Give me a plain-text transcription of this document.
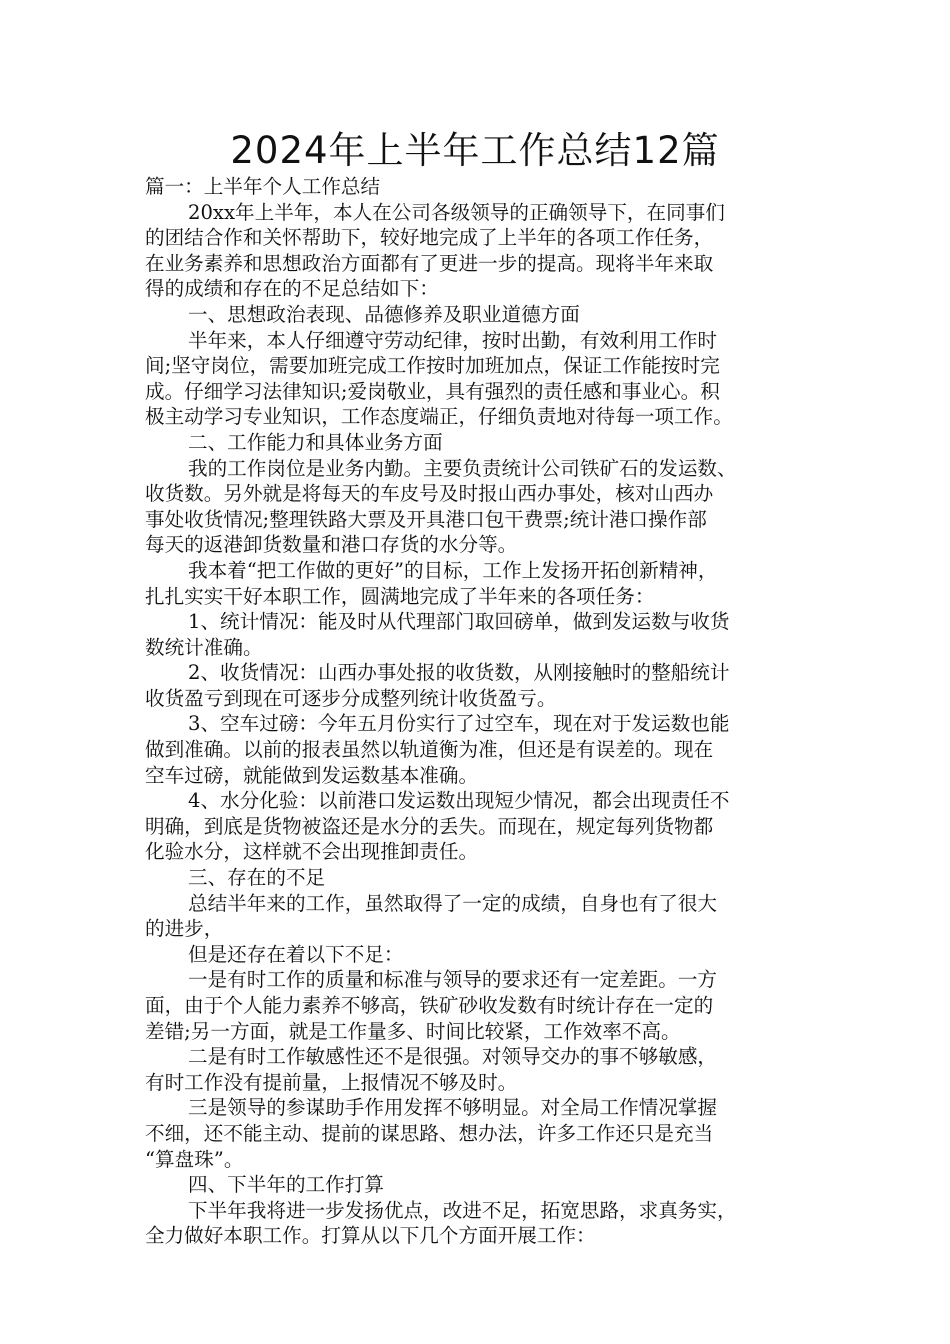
2024年上半年工作总结12篇

篇一：上半年个人工作总结

20xx年上半年，本人在公司各级领导的正确领导下，在同事们

的团结合作和关怀帮助下，较好地完成了上半年的各项工作任务，

在业务素养和思想政治方面都有了更进一步的提高。现将半年来取

得的成绩和存在的不足总结如下：

一、思想政治表现、品德修养及职业道德方面

半年来，本人仔细遵守劳动纪律，按时出勤，有效利用工作时

间;坚守岗位，需要加班完成工作按时加班加点，保证工作能按时完

成。仔细学习法律知识;爱岗敬业，具有强烈的责任感和事业心。积

极主动学习专业知识，工作态度端正，仔细负责地对待每一项工作。

二、工作能力和具体业务方面

我的工作岗位是业务内勤。主要负责统计公司铁矿石的发运数、

收货数。另外就是将每天的车皮号及时报山西办事处，核对山西办

事处收货情况;整理铁路大票及开具港口包干费票;统计港口操作部

每天的返港卸货数量和港口存货的水分等。

我本着“把工作做的更好”的目标，工作上发扬开拓创新精神，

扎扎实实干好本职工作，圆满地完成了半年来的各项任务：

1、统计情况：能及时从代理部门取回磅单，做到发运数与收货

数统计准确。

2、收货情况：山西办事处报的收货数，从刚接触时的整船统计

收货盈亏到现在可逐步分成整列统计收货盈亏。

3、空车过磅：今年五月份实行了过空车，现在对于发运数也能

做到准确。以前的报表虽然以轨道衡为准，但还是有误差的。现在

空车过磅，就能做到发运数基本准确。

4、水分化验：以前港口发运数出现短少情况，都会出现责任不

明确，到底是货物被盗还是水分的丢失。而现在，规定每列货物都

化验水分，这样就不会出现推卸责任。

三、存在的不足

总结半年来的工作，虽然取得了一定的成绩，自身也有了很大

的进步，

但是还存在着以下不足：

一是有时工作的质量和标准与领导的要求还有一定差距。一方

面，由于个人能力素养不够高，铁矿砂收发数有时统计存在一定的

差错;另一方面，就是工作量多、时间比较紧，工作效率不高。

二是有时工作敏感性还不是很强。对领导交办的事不够敏感，

有时工作没有提前量，上报情况不够及时。

三是领导的参谋助手作用发挥不够明显。对全局工作情况掌握

不细，还不能主动、提前的谋思路、想办法，许多工作还只是充当

“算盘珠”。

四、下半年的工作打算

下半年我将进一步发扬优点，改进不足，拓宽思路，求真务实，

全力做好本职工作。打算从以下几个方面开展工作：
